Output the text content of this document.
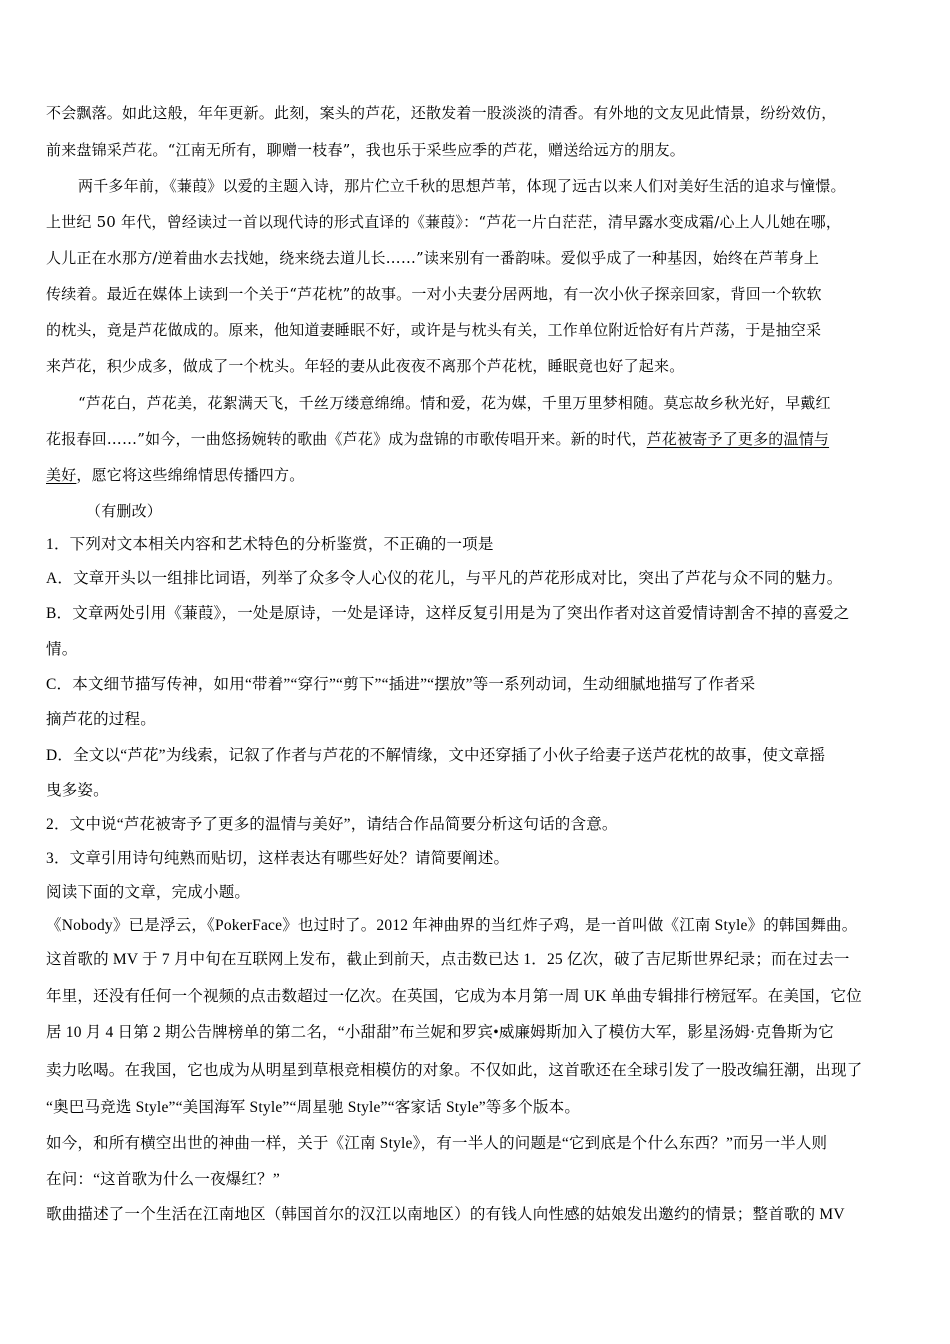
不会飘落。如此这般，年年更新。此刻，案头的芦花，还散发着一股淡淡的清香。有外地的文友见此情景，纷纷效仿，
前来盘锦采芦花。“江南无所有，聊赠一枝春”，我也乐于采些应季的芦花，赠送给远方的朋友。
两千多年前，《蒹葭》以爱的主题入诗，那片伫立千秋的思想芦苇，体现了远古以来人们对美好生活的追求与憧憬。
上世纪 50 年代，曾经读过一首以现代诗的形式直译的《蒹葭》：“芦花一片白茫茫，清早露水变成霜/心上人儿她在哪，
人儿正在水那方/逆着曲水去找她，绕来绕去道儿长……”读来别有一番韵味。爱似乎成了一种基因，始终在芦苇身上
传续着。最近在媒体上读到一个关于“芦花枕”的故事。一对小夫妻分居两地，有一次小伙子探亲回家，背回一个软软
的枕头，竟是芦花做成的。原来，他知道妻睡眠不好，或许是与枕头有关，工作单位附近恰好有片芦荡，于是抽空采
来芦花，积少成多，做成了一个枕头。年轻的妻从此夜夜不离那个芦花枕，睡眠竟也好了起来。
“芦花白，芦花美，花絮满天飞，千丝万缕意绵绵。情和爱，花为媒，千里万里梦相随。莫忘故乡秋光好，早戴红
花报春回……”如今，一曲悠扬婉转的歌曲《芦花》成为盘锦的市歌传唱开来。新的时代，芦花被寄予了更多的温情与
美好，愿它将这些绵绵情思传播四方。
（有删改）
1．下列对文本相关内容和艺术特色的分析鉴赏，不正确的一项是
A．文章开头以一组排比词语，列举了众多令人心仪的花儿，与平凡的芦花形成对比，突出了芦花与众不同的魅力。
B．文章两处引用《蒹葭》，一处是原诗，一处是译诗，这样反复引用是为了突出作者对这首爱情诗割舍不掉的喜爱之
情。
C．本文细节描写传神，如用“带着”“穿行”“剪下”“插进”“摆放”等一系列动词，生动细腻地描写了作者采
摘芦花的过程。
D．全文以“芦花”为线索，记叙了作者与芦花的不解情缘，文中还穿插了小伙子给妻子送芦花枕的故事，使文章摇
曳多姿。
2．文中说“芦花被寄予了更多的温情与美好”，请结合作品简要分析这句话的含意。
3．文章引用诗句纯熟而贴切，这样表达有哪些好处？请简要阐述。
阅读下面的文章，完成小题。
《Nobody》已是浮云，《PokerFace》也过时了。2012 年神曲界的当红炸子鸡，是一首叫做《江南 Style》的韩国舞曲。
这首歌的 MV 于 7 月中旬在互联网上发布，截止到前天，点击数已达 1．25 亿次，破了吉尼斯世界纪录；而在过去一
年里，还没有任何一个视频的点击数超过一亿次。在英国，它成为本月第一周 UK 单曲专辑排行榜冠军。在美国，它位
居 10 月 4 日第 2 期公告牌榜单的第二名，“小甜甜”布兰妮和罗宾•威廉姆斯加入了模仿大军，影星汤姆·克鲁斯为它
卖力吆喝。在我国，它也成为从明星到草根竞相模仿的对象。不仅如此，这首歌还在全球引发了一股改编狂潮，出现了
“奥巴马竞选 Style”“美国海军 Style”“周星驰 Style”“客家话 Style”等多个版本。
如今，和所有横空出世的神曲一样，关于《江南 Style》，有一半人的问题是“它到底是个什么东西？”而另一半人则
在问：“这首歌为什么一夜爆红？”
歌曲描述了一个生活在江南地区（韩国首尔的汉江以南地区）的有钱人向性感的姑娘发出邀约的情景；整首歌的 MV
